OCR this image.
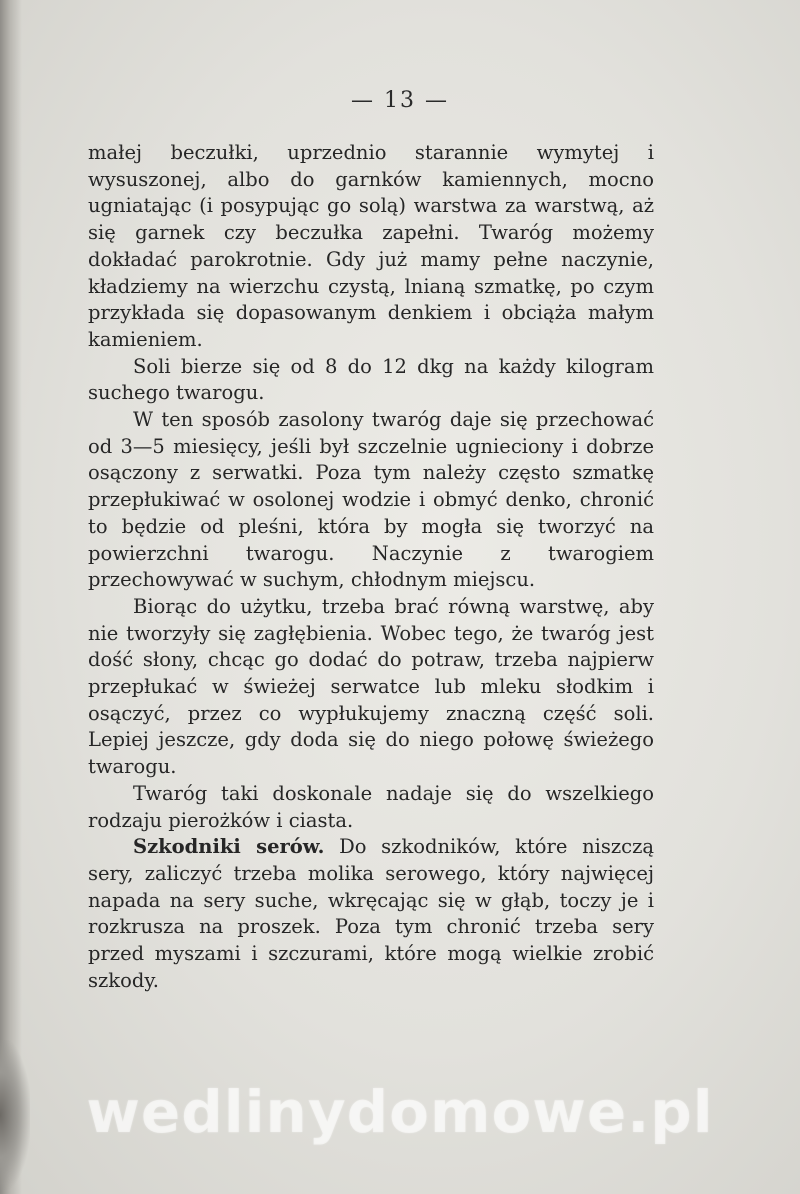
— 13 —

małej beczułki, uprzednio starannie wymytej i wysuszonej, albo do garnków kamiennych, mocno ugniatając (i posypując go solą) warstwa za warstwą, aż się garnek czy beczułka zapełni. Twaróg możemy dokładać parokrotnie. Gdy już mamy pełne naczynie, kładziemy na wierzchu czystą, lnianą szmatkę, po czym przykłada się dopasowanym denkiem i obciąża małym kamieniem.

Soli bierze się od 8 do 12 dkg na każdy kilogram suchego twarogu.

W ten sposób zasolony twaróg daje się przechować od 3—5 miesięcy, jeśli był szczelnie ugnieciony i dobrze osączony z serwatki. Poza tym należy często szmatkę przepłukiwać w osolonej wodzie i obmyć denko, chronić to będzie od pleśni, która by mogła się tworzyć na powierzchni twarogu. Naczynie z twarogiem przechowywać w suchym, chłodnym miejscu.

Biorąc do użytku, trzeba brać równą warstwę, aby nie tworzyły się zagłębienia. Wobec tego, że twaróg jest dość słony, chcąc go dodać do potraw, trzeba najpierw przepłukać w świeżej serwatce lub mleku słodkim i osączyć, przez co wypłukujemy znaczną część soli. Lepiej jeszcze, gdy doda się do niego połowę świeżego twarogu.

Twaróg taki doskonale nadaje się do wszelkiego rodzaju pierożków i ciasta.

Szkodniki serów. Do szkodników, które niszczą sery, zaliczyć trzeba molika serowego, który najwięcej napada na sery suche, wkręcając się w głąb, toczy je i rozkrusza na proszek. Poza tym chronić trzeba sery przed myszami i szczurami, które mogą wielkie zrobić szkody.

wedlinydomowe.pl
